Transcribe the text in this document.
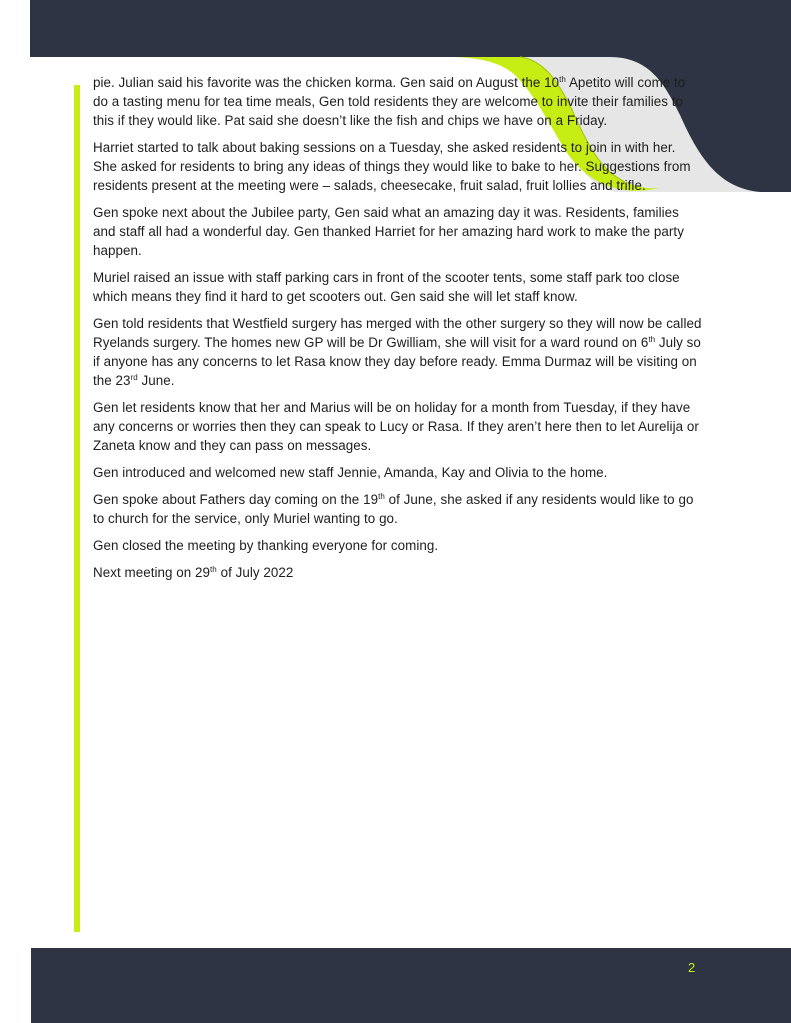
pie. Julian said his favorite was the chicken korma. Gen said on August the 10th Apetito will come to do a tasting menu for tea time meals, Gen told residents they are welcome to invite their families to this if they would like. Pat said she doesn’t like the fish and chips we have on a Friday.

Harriet started to talk about baking sessions on a Tuesday, she asked residents to join in with her. She asked for residents to bring any ideas of things they would like to bake to her. Suggestions from residents present at the meeting were – salads, cheesecake, fruit salad, fruit lollies and trifle.

Gen spoke next about the Jubilee party, Gen said what an amazing day it was. Residents, families and staff all had a wonderful day. Gen thanked Harriet for her amazing hard work to make the party happen.

Muriel raised an issue with staff parking cars in front of the scooter tents, some staff park too close which means they find it hard to get scooters out. Gen said she will let staff know.

Gen told residents that Westfield surgery has merged with the other surgery so they will now be called Ryelands surgery. The homes new GP will be Dr Gwilliam, she will visit for a ward round on 6th July so if anyone has any concerns to let Rasa know they day before ready. Emma Durmaz will be visiting on the 23rd June.

Gen let residents know that her and Marius will be on holiday for a month from Tuesday, if they have any concerns or worries then they can speak to Lucy or Rasa. If they aren’t here then to let Aurelija or Zaneta know and they can pass on messages.

Gen introduced and welcomed new staff Jennie, Amanda, Kay and Olivia to the home.

Gen spoke about Fathers day coming on the 19th of June, she asked if any residents would like to go to church for the service, only Muriel wanting to go.

Gen closed the meeting by thanking everyone for coming.

Next meeting on 29th of July 2022

2
